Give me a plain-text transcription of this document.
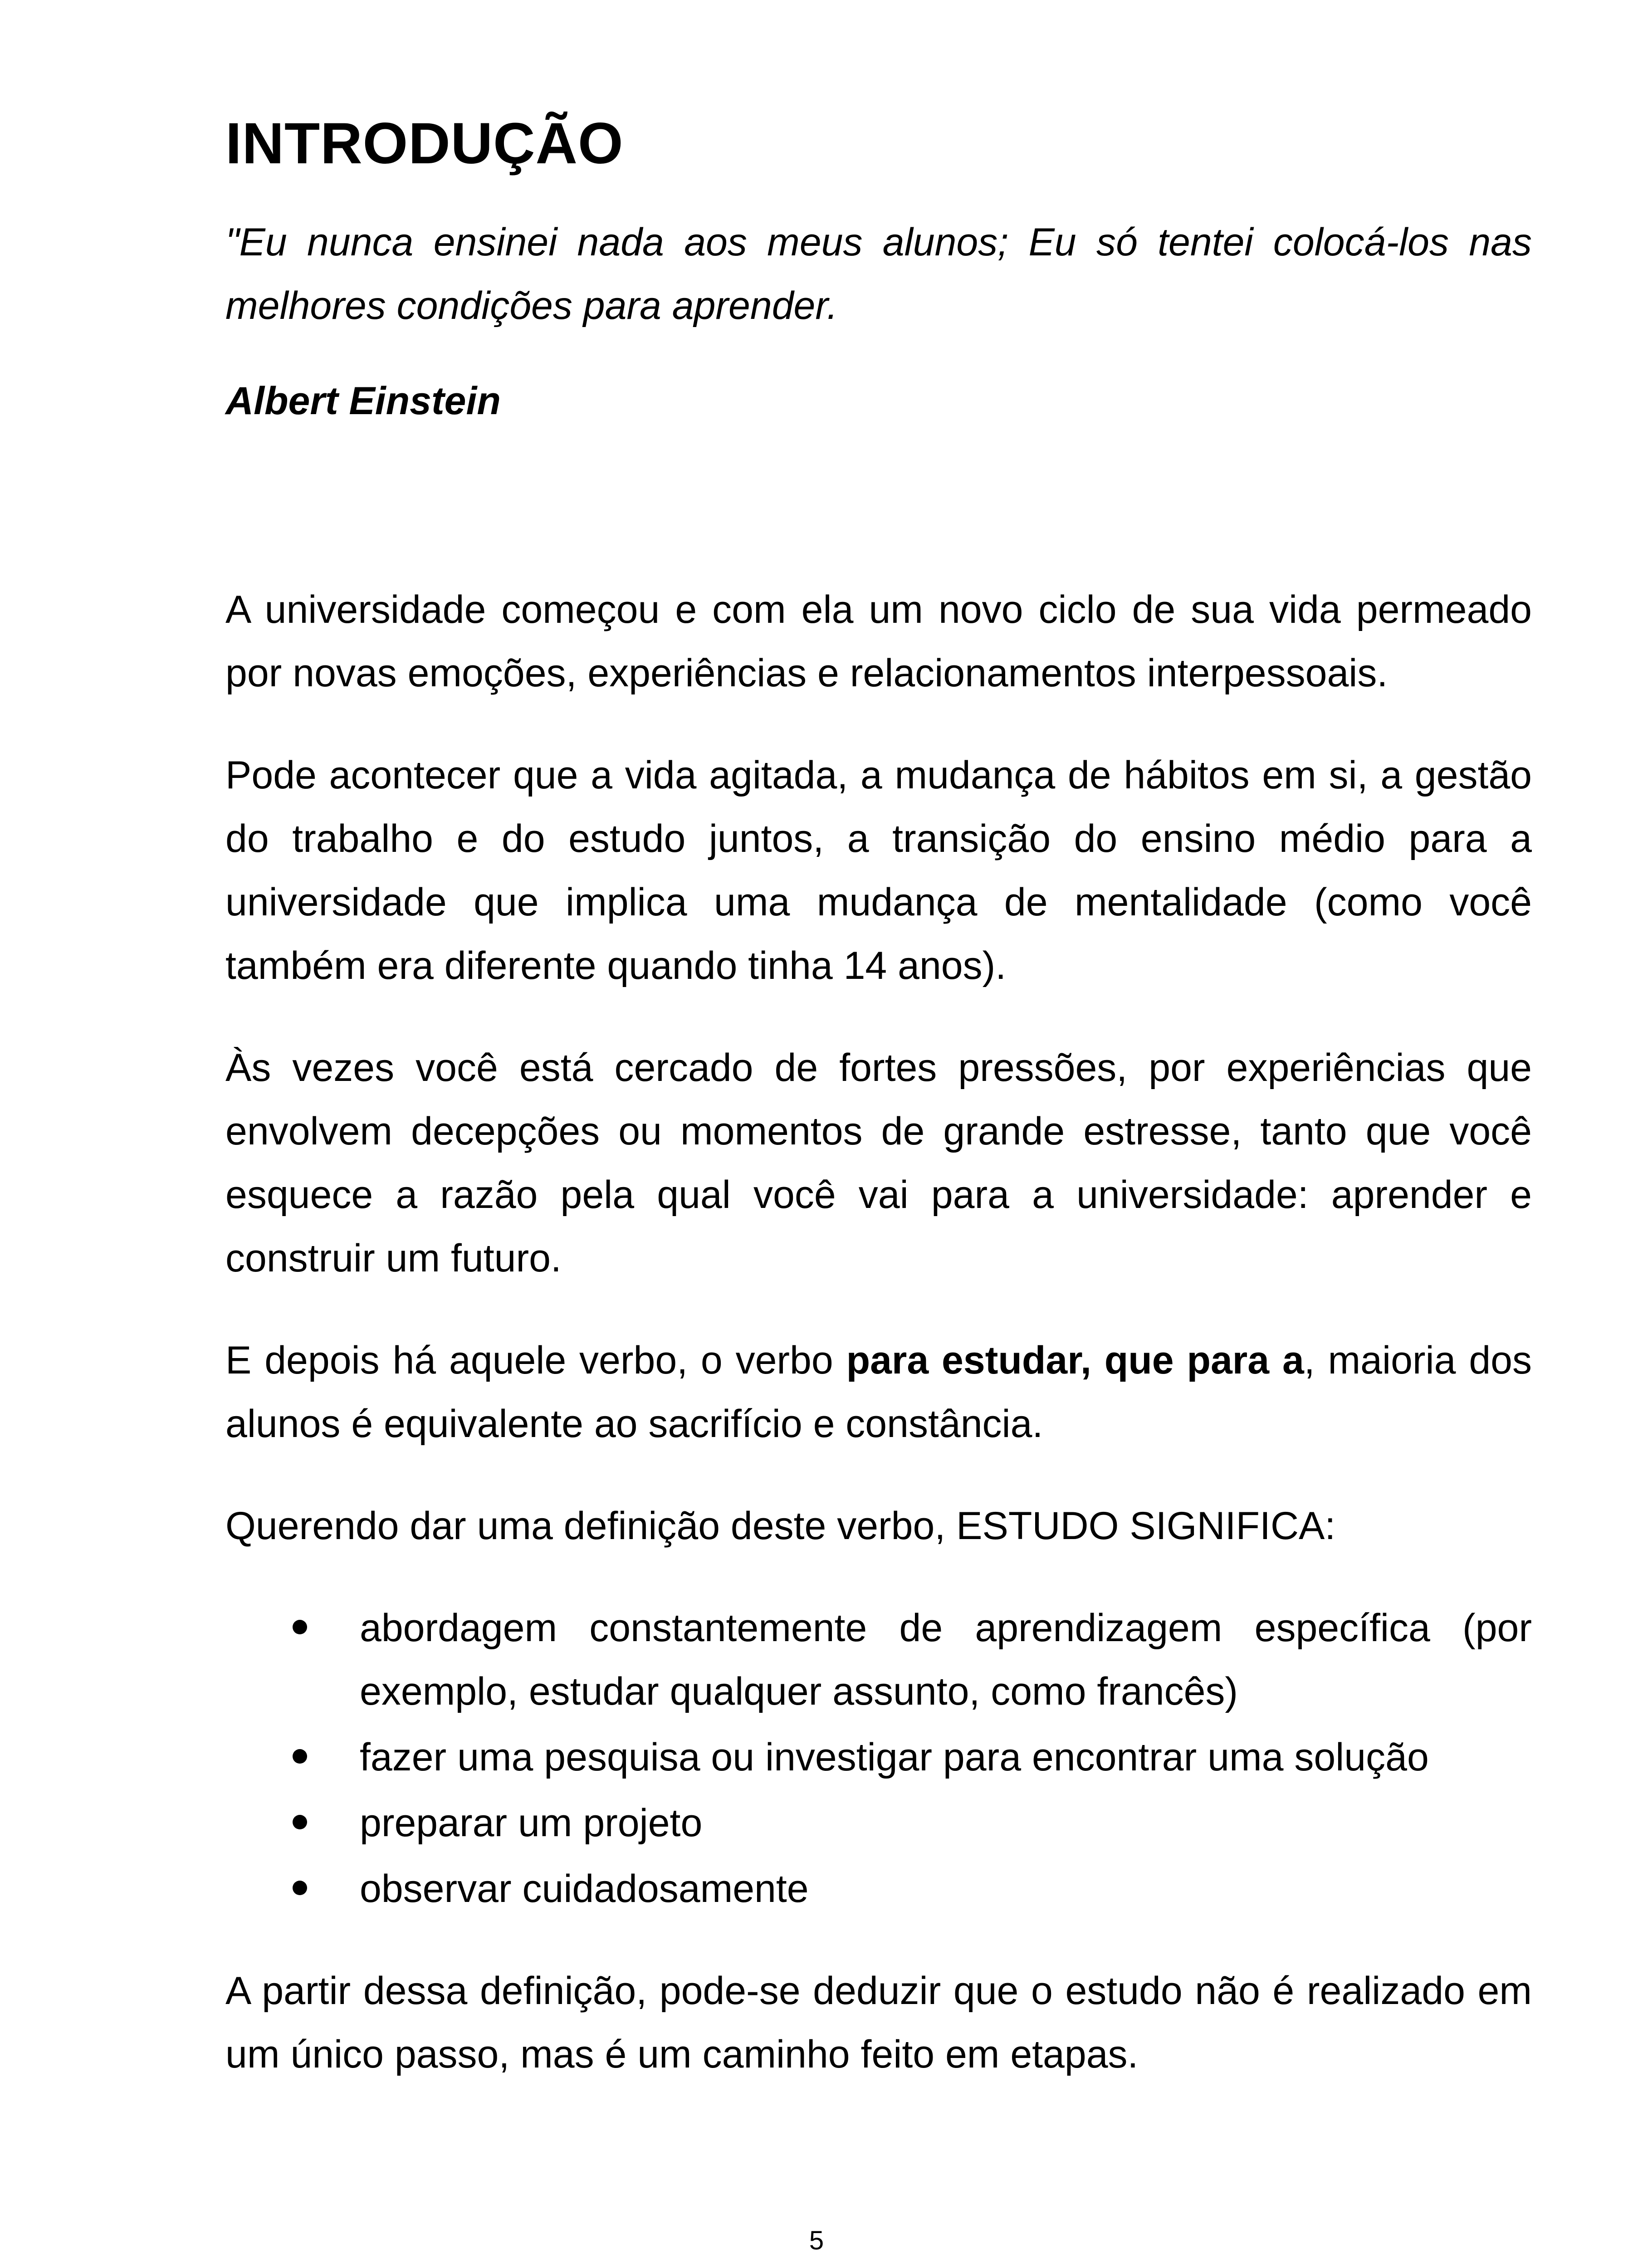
INTRODUÇÃO

"Eu nunca ensinei nada aos meus alunos; Eu só tentei colocá-los nas melhores condições para aprender.

Albert Einstein

A universidade começou e com ela um novo ciclo de sua vida permeado por novas emoções, experiências e relacionamentos interpessoais.

Pode acontecer que a vida agitada, a mudança de hábitos em si, a gestão do trabalho e do estudo juntos, a transição do ensino médio para a universidade que implica uma mudança de mentalidade (como você também era diferente quando tinha 14 anos).

Às vezes você está cercado de fortes pressões, por experiências que envolvem decepções ou momentos de grande estresse, tanto que você esquece a razão pela qual você vai para a universidade: aprender e construir um futuro.

E depois há aquele verbo, o verbo para estudar, que para a, maioria dos alunos é equivalente ao sacrifício e constância.

Querendo dar uma definição deste verbo, ESTUDO SIGNIFICA:

abordagem constantemente de aprendizagem específica (por exemplo, estudar qualquer assunto, como francês)
fazer uma pesquisa ou investigar para encontrar uma solução
preparar um projeto
observar cuidadosamente

A partir dessa definição, pode-se deduzir que o estudo não é realizado em um único passo, mas é um caminho feito em etapas.

5
